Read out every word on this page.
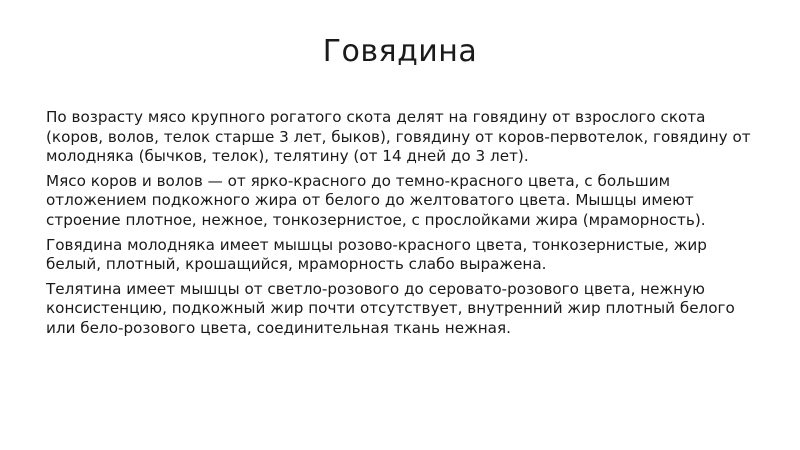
Говядина

По возрасту мясо крупного рогатого скота делят на говядину от взрослого скота (коров, волов, телок старше 3 лет, быков), говядину от коров-первотелок, говядину от молодняка (бычков, телок), телятину (от 14 дней до 3 лет).

Мясо коров и волов — от ярко-красного до темно-красного цвета, с большим отложением подкожного жира от белого до желтоватого цвета. Мышцы имеют строение плотное, нежное, тонкозернистое, с прослойками жира (мраморность).

Говядина молодняка имеет мышцы розово-красного цвета, тонкозернистые, жир белый, плотный, крошащийся, мраморность слабо выражена.

Телятина имеет мышцы от светло-розового до серовато-розового цвета, нежную консистенцию, подкожный жир почти отсутствует, внутренний жир плотный белого или бело-розового цвета, соединительная ткань нежная.
